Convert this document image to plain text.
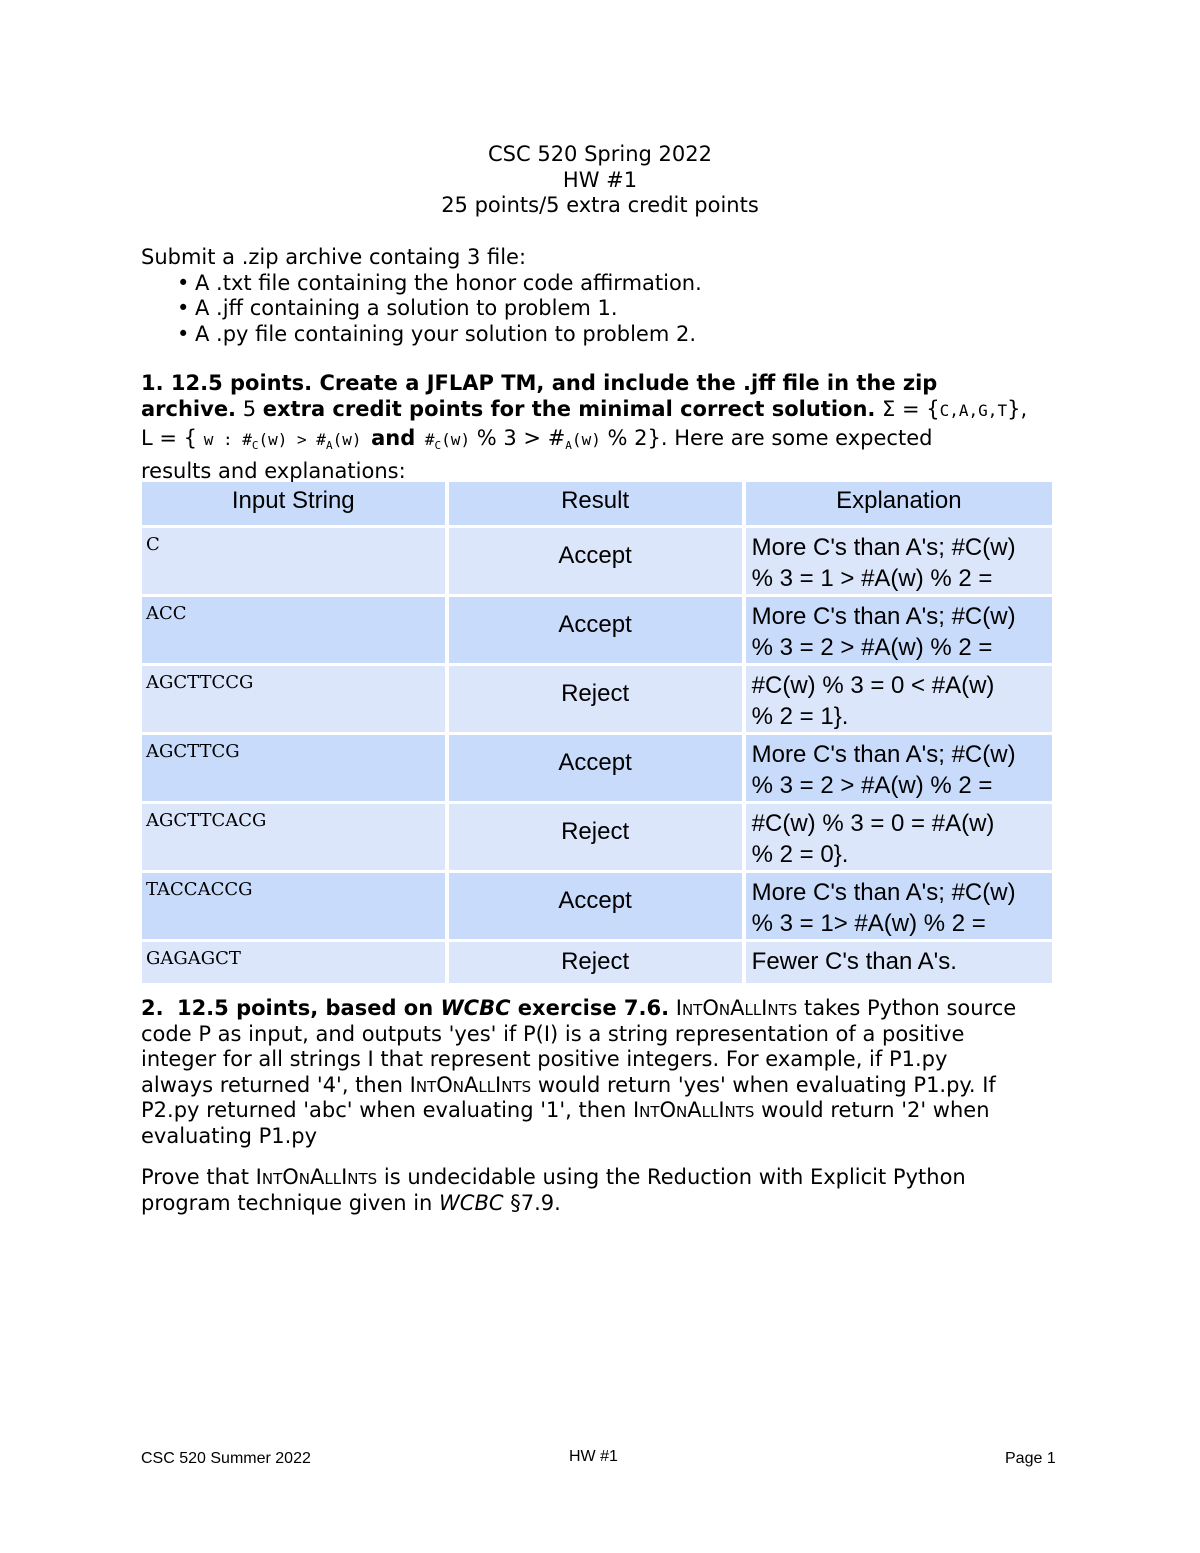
CSC 520 Spring 2022
HW #1
25 points/5 extra credit points
Submit a .zip archive containg 3 file:
• A .txt file containing the honor code affirmation.
• A .jff containing a solution to problem 1.
• A .py file containing your solution to problem 2.
1. 12.5 points. Create a JFLAP TM, and include the .jff file in the zip
archive. 5 extra credit points for the minimal correct solution. Σ = {C,A,G,T},
L = { w : $\#_C(w)$ > $\#_A(w)$ and $\#_C(w)$ % $3 > \#_A(w)$ % 2}. Here are some expected
results and explanations:
Input String	Result	Explanation
C	Accept	More C's than A's; #C(w)
% 3 = 1 > #A(w) % 2 =

ACC	Accept	More C's than A's; #C(w)
% 3 = 2 > #A(w) % 2 =

AGCTTCCG	Reject	#C(w) % 3 = 0 < #A(w)
% 2 = 1}.

AGCTTCG	Accept	More C's than A's; #C(w)
% 3 = 2 > #A(w) % 2 =

AGCTTCACG	Reject	#C(w) % 3 = 0 = #A(w)
% 2 = 0}.

TACCACCG	Accept	More C's than A's; #C(w)
% 3 = 1> #A(w) % 2 =

GAGAGCT	Reject	Fewer C's than A's.

2. 12.5 points, based on WCBC exercise 7.6. IntOnAllInts takes Python source
code P as input, and outputs 'yes' if P(I) is a string representation of a positive
integer for all strings I that represent positive integers. For example, if P1.py
always returned '4', then IntOnAllInts would return 'yes' when evaluating P1.py. If
P2.py returned 'abc' when evaluating '1', then IntOnAllInts would return '2' when
evaluating P1.py

Prove that IntOnAllInts is undecidable using the Reduction with Explicit Python
program technique given in WCBC §7.9.

CSC 520 Summer 2022	HW #1	Page 1
